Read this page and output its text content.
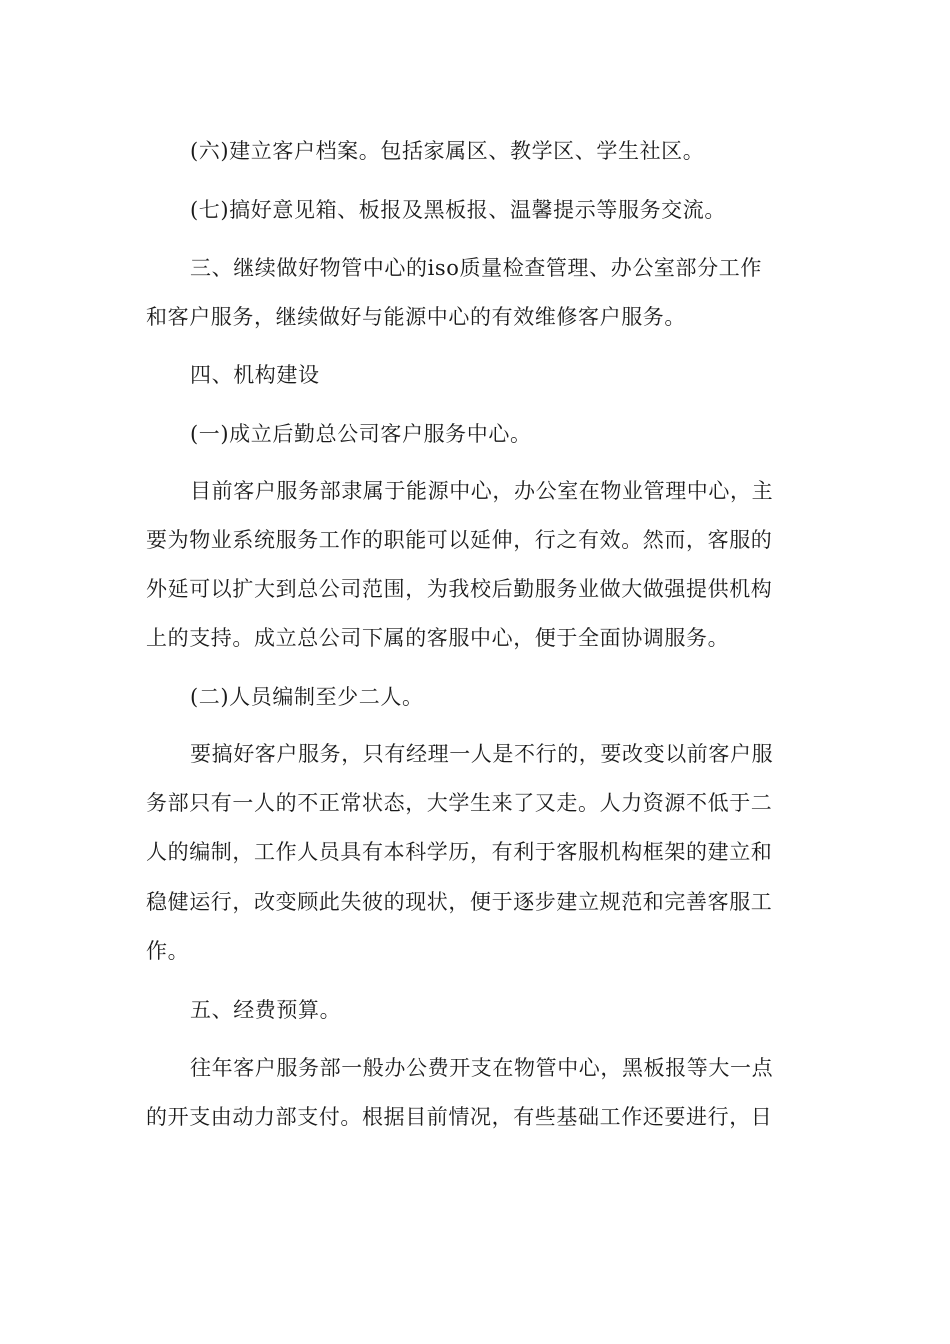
(六)建立客户档案。包括家属区、教学区、学生社区。
(七)搞好意见箱、板报及黑板报、温馨提示等服务交流。
三、继续做好物管中心的iso质量检查管理、办公室部分工作
和客户服务，继续做好与能源中心的有效维修客户服务。
四、机构建设
(一)成立后勤总公司客户服务中心。
目前客户服务部隶属于能源中心，办公室在物业管理中心，主
要为物业系统服务工作的职能可以延伸，行之有效。然而，客服的
外延可以扩大到总公司范围，为我校后勤服务业做大做强提供机构
上的支持。成立总公司下属的客服中心，便于全面协调服务。
(二)人员编制至少二人。
要搞好客户服务，只有经理一人是不行的，要改变以前客户服
务部只有一人的不正常状态，大学生来了又走。人力资源不低于二
人的编制，工作人员具有本科学历，有利于客服机构框架的建立和
稳健运行，改变顾此失彼的现状，便于逐步建立规范和完善客服工
作。
五、经费预算。
往年客户服务部一般办公费开支在物管中心，黑板报等大一点
的开支由动力部支付。根据目前情况，有些基础工作还要进行，日
